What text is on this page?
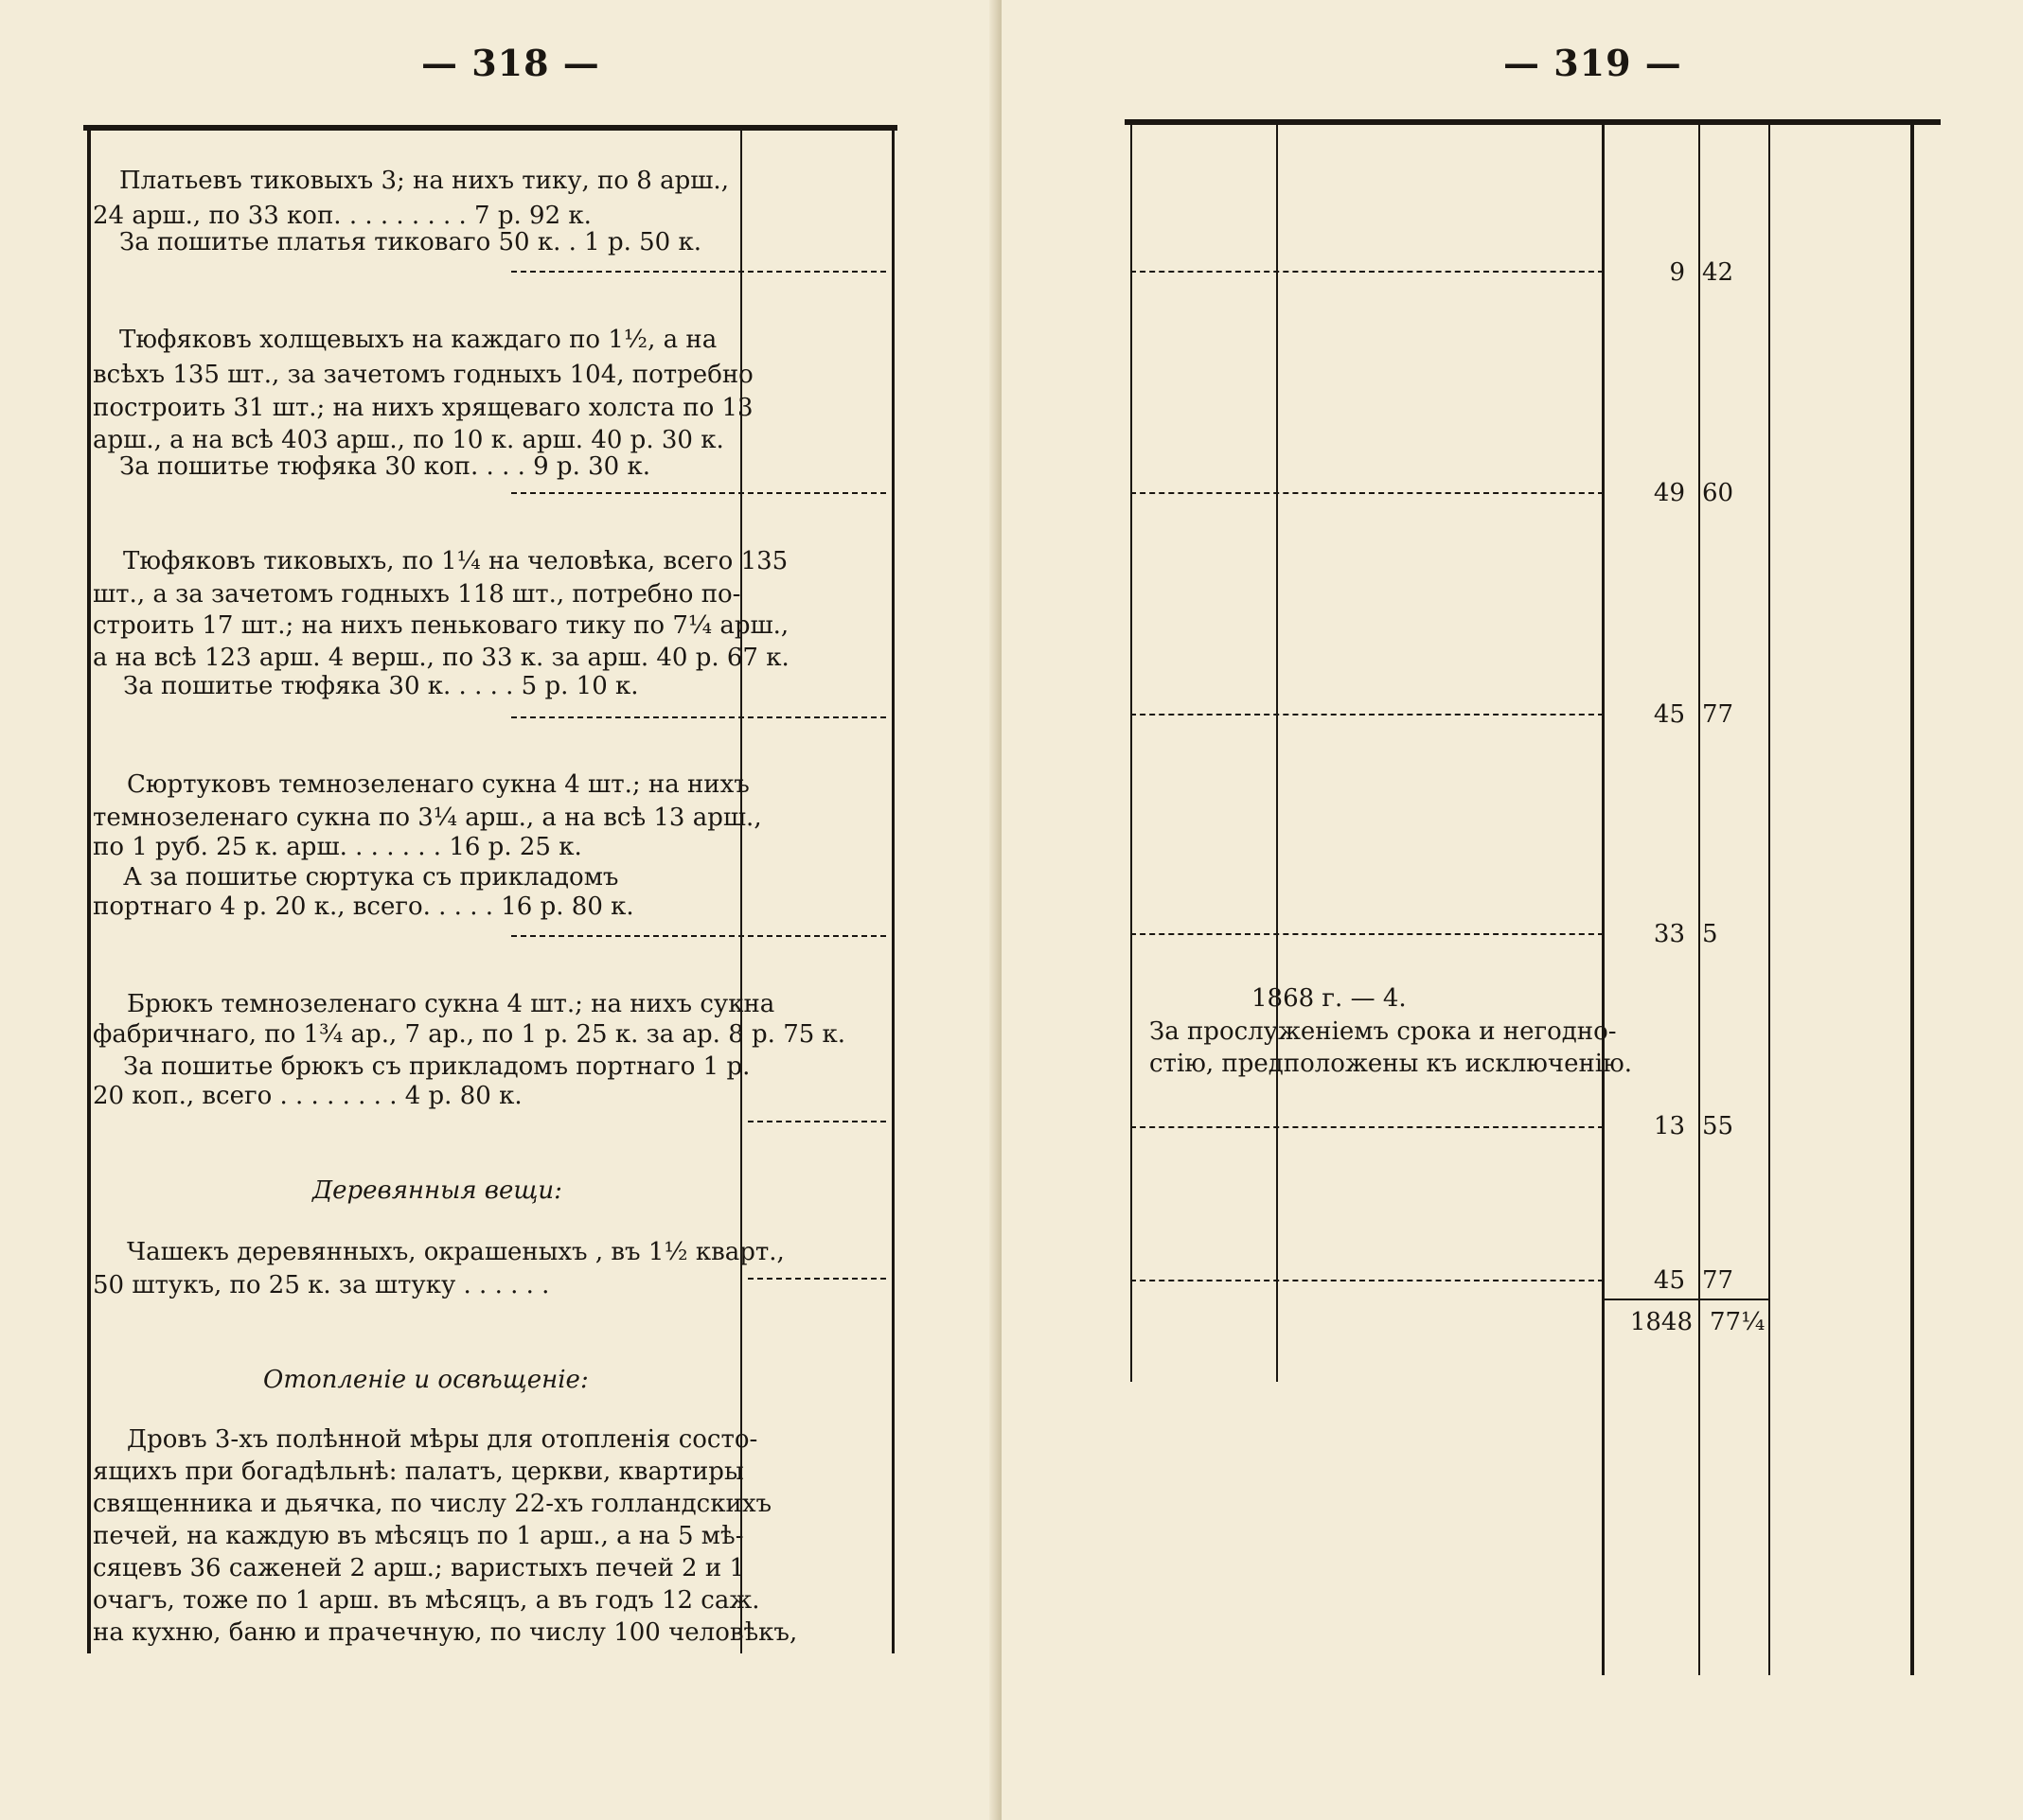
— 318 —
Платьевъ тиковыхъ 3; на нихъ тику, по 8 арш.,
24 арш., по 33 коп. . . . . . . . . 7 р. 92 к.
За пошитье платья тиковаго 50 к. . 1 р. 50 к.
Тюфяковъ холщевыхъ на каждаго по 1½, а на
всѣхъ 135 шт., за зачетомъ годныхъ 104, потребно
построить 31 шт.; на нихъ хрящеваго холста по 13
арш., а на всѣ 403 арш., по 10 к. арш. 40 р. 30 к.
За пошитье тюфяка 30 коп. . . . 9 р. 30 к.
Тюфяковъ тиковыхъ, по 1¼ на человѣка, всего 135
шт., а за зачетомъ годныхъ 118 шт., потребно по-
строить 17 шт.; на нихъ пеньковаго тику по 7¼ арш.,
а на всѣ 123 арш. 4 верш., по 33 к. за арш. 40 р. 67 к.
За пошитье тюфяка 30 к. . . . . 5 р. 10 к.
Сюртуковъ темнозеленаго сукна 4 шт.; на нихъ
темнозеленаго сукна по 3¼ арш., а на всѣ 13 арш.,
по 1 руб. 25 к. арш. . . . . . . 16 р. 25 к.
А за пошитье сюртука съ прикладомъ
портнаго 4 р. 20 к., всего. . . . . 16 р. 80 к.
Брюкъ темнозеленаго сукна 4 шт.; на нихъ сукна
фабричнаго, по 1¾ ар., 7 ар., по 1 р. 25 к. за ар. 8 р. 75 к.
За пошитье брюкъ съ прикладомъ портнаго 1 р.
20 коп., всего . . . . . . . . 4 р. 80 к.
Деревянныя вещи:
Чашекъ деревянныхъ, окрашеныхъ , въ 1½ кварт.,
50 штукъ, по 25 к. за штуку . . . . . .
Отопленіе и освѣщеніе:
Дровъ 3-хъ полѣнной мѣры для отопленія состо-
ящихъ при богадѣльнѣ: палатъ, церкви, квартиры
священника и дьячка, по числу 22-хъ голландскихъ
печей, на каждую въ мѣсяцъ по 1 арш., а на 5 мѣ-
сяцевъ 36 саженей 2 арш.; варистыхъ печей 2 и 1
очагъ, тоже по 1 арш. въ мѣсяцъ, а въ годъ 12 саж.
на кухню, баню и прачечную, по числу 100 человѣкъ,
— 319 —
9 42
49 60
45 77
33 5
1868 г. — 4.
За прослуженіемъ срока и негодно-
стію, предположены къ исключенію.
13 55
45 77
1848 77¼
